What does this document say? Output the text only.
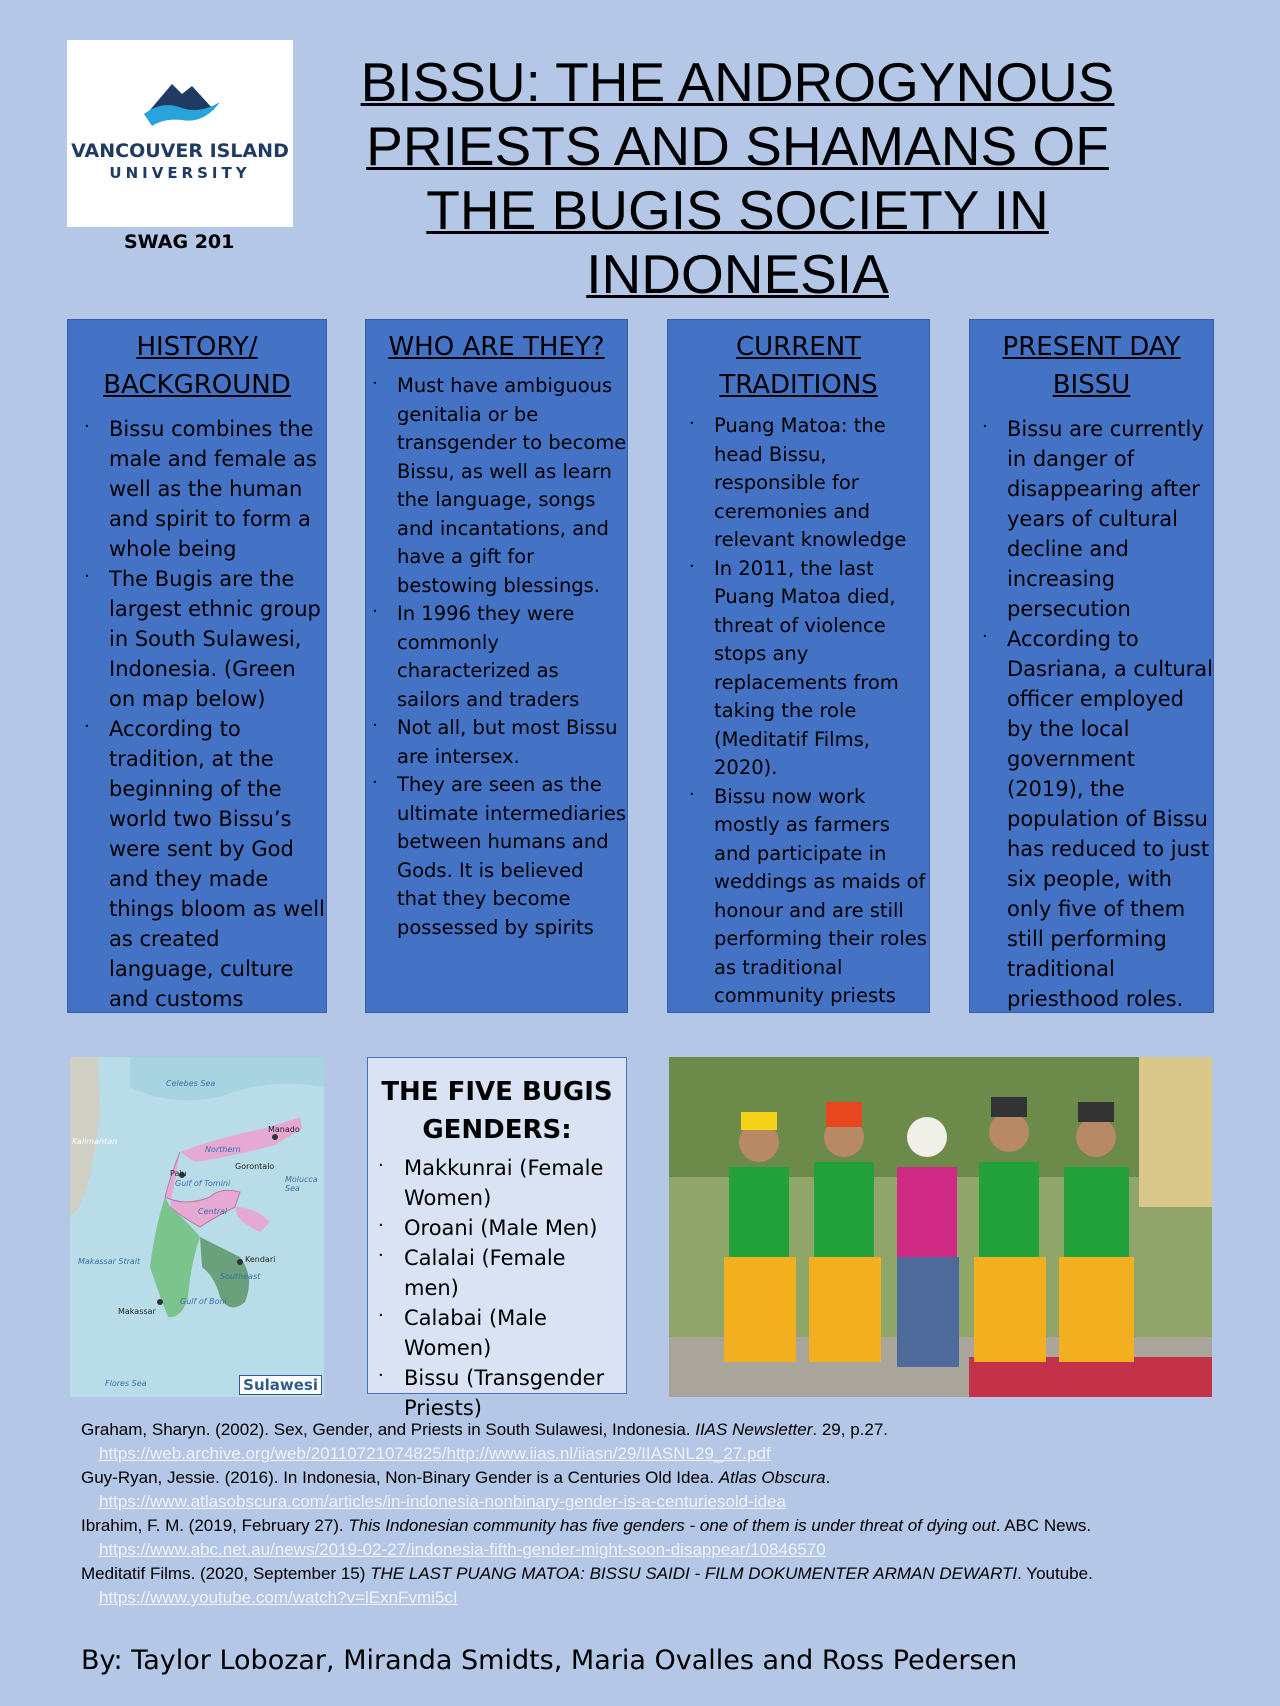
VANCOUVER ISLAND
UNIVERSITY
SWAG 201
BISSU: THE ANDROGYNOUS PRIESTS AND SHAMANS OF THE BUGIS SOCIETY IN INDONESIA
HISTORY/ BACKGROUND
· Bissu combines the male and female as well as the human and spirit to form a whole being
· The Bugis are the largest ethnic group in South Sulawesi, Indonesia. (Green on map below)
· According to tradition, at the beginning of the world two Bissu’s were sent by God and they made things bloom as well as created language, culture and customs
WHO ARE THEY?
· Must have ambiguous genitalia or be transgender to become Bissu, as well as learn the language, songs and incantations, and have a gift for bestowing blessings.
· In 1996 they were commonly characterized as sailors and traders
· Not all, but most Bissu are intersex.
· They are seen as the ultimate intermediaries between humans and Gods. It is believed that they become possessed by spirits
CURRENT TRADITIONS
· Puang Matoa: the head Bissu, responsible for ceremonies and relevant knowledge
· In 2011, the last Puang Matoa died, threat of violence stops any replacements from taking the role (Meditatif Films, 2020).
· Bissu now work mostly as farmers and participate in weddings as maids of honour and are still performing their roles as traditional community priests
PRESENT DAY BISSU
· Bissu are currently in danger of disappearing after years of cultural decline and increasing persecution
· According to Dasriana, a cultural officer employed by the local government (2019), the population of Bissu has reduced to just six people, with only five of them still performing traditional priesthood roles.
Celebes Sea
Kalimantan
Northern
Gulf of Tomini
Central
Molucca Sea
Makassar Strait
Southeast
Gulf of Boni
Flores Sea
Manado
Gorontalo
Palu
Makassar
Kendari
Sulawesi
THE FIVE BUGIS GENDERS:
· Makkunrai (Female Women)
· Oroani (Male Men)
· Calalai (Female men)
· Calabai (Male Women)
· Bissu (Transgender Priests)
Graham, Sharyn. (2002). Sex, Gender, and Priests in South Sulawesi, Indonesia. IIAS Newsletter. 29, p.27.
https://web.archive.org/web/20110721074825/http://www.iias.nl/iiasn/29/IIASNL29_27.pdf
Guy-Ryan, Jessie. (2016). In Indonesia, Non-Binary Gender is a Centuries Old Idea. Atlas Obscura.
https://www.atlasobscura.com/articles/in-indonesia-nonbinary-gender-is-a-centuriesold-idea
Ibrahim, F. M. (2019, February 27). This Indonesian community has five genders - one of them is under threat of dying out. ABC News. https://www.abc.net.au/news/2019-02-27/indonesia-fifth-gender-might-soon-disappear/10846570
Meditatif Films. (2020, September 15) THE LAST PUANG MATOA: BISSU SAIDI - FILM DOKUMENTER ARMAN DEWARTI. Youtube. https://www.youtube.com/watch?v=lExnFvmi5cI
By: Taylor Lobozar, Miranda Smidts, Maria Ovalles and Ross Pedersen
